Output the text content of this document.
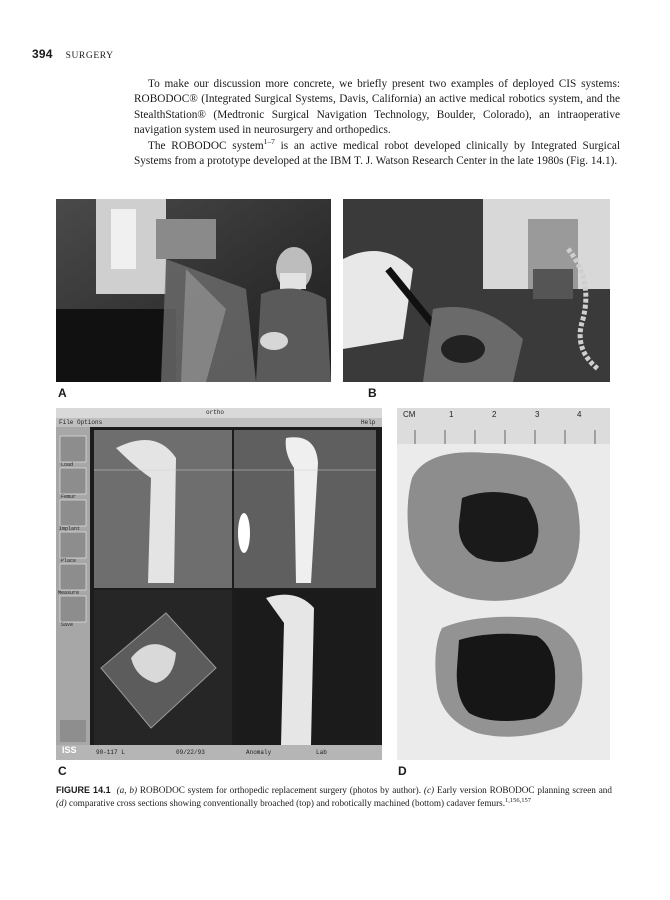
394 SURGERY

To make our discussion more concrete, we briefly present two examples of deployed CIS systems: ROBODOC® (Integrated Surgical Systems, Davis, California) an active medical robotics system, and the StealthStation® (Medtronic Surgical Navigation Technology, Boulder, Colorado), an intraoperative navigation system used in neurosurgery and orthopedics.

The ROBODOC system$^{1-7}$ is an active medical robot developed clinically by Integrated Surgical Systems from a prototype developed at the IBM T. J. Watson Research Center in the late 1980s (Fig. 14.1).

A	B
CM	1	2	3	4
ortho
File Options	Help
Load
Femur
Implant
Place
Measure
Save
ISS	90-117 L	09/22/93	Anomaly	Lab
C	D
FIGURE 14.1 (a, b) ROBODOC system for orthopedic replacement surgery (photos by author). (c) Early version ROBODOC planning screen and (d) comparative cross sections showing conventionally broached (top) and robotically machined (bottom) cadaver femurs.$^{1,156,157}$
